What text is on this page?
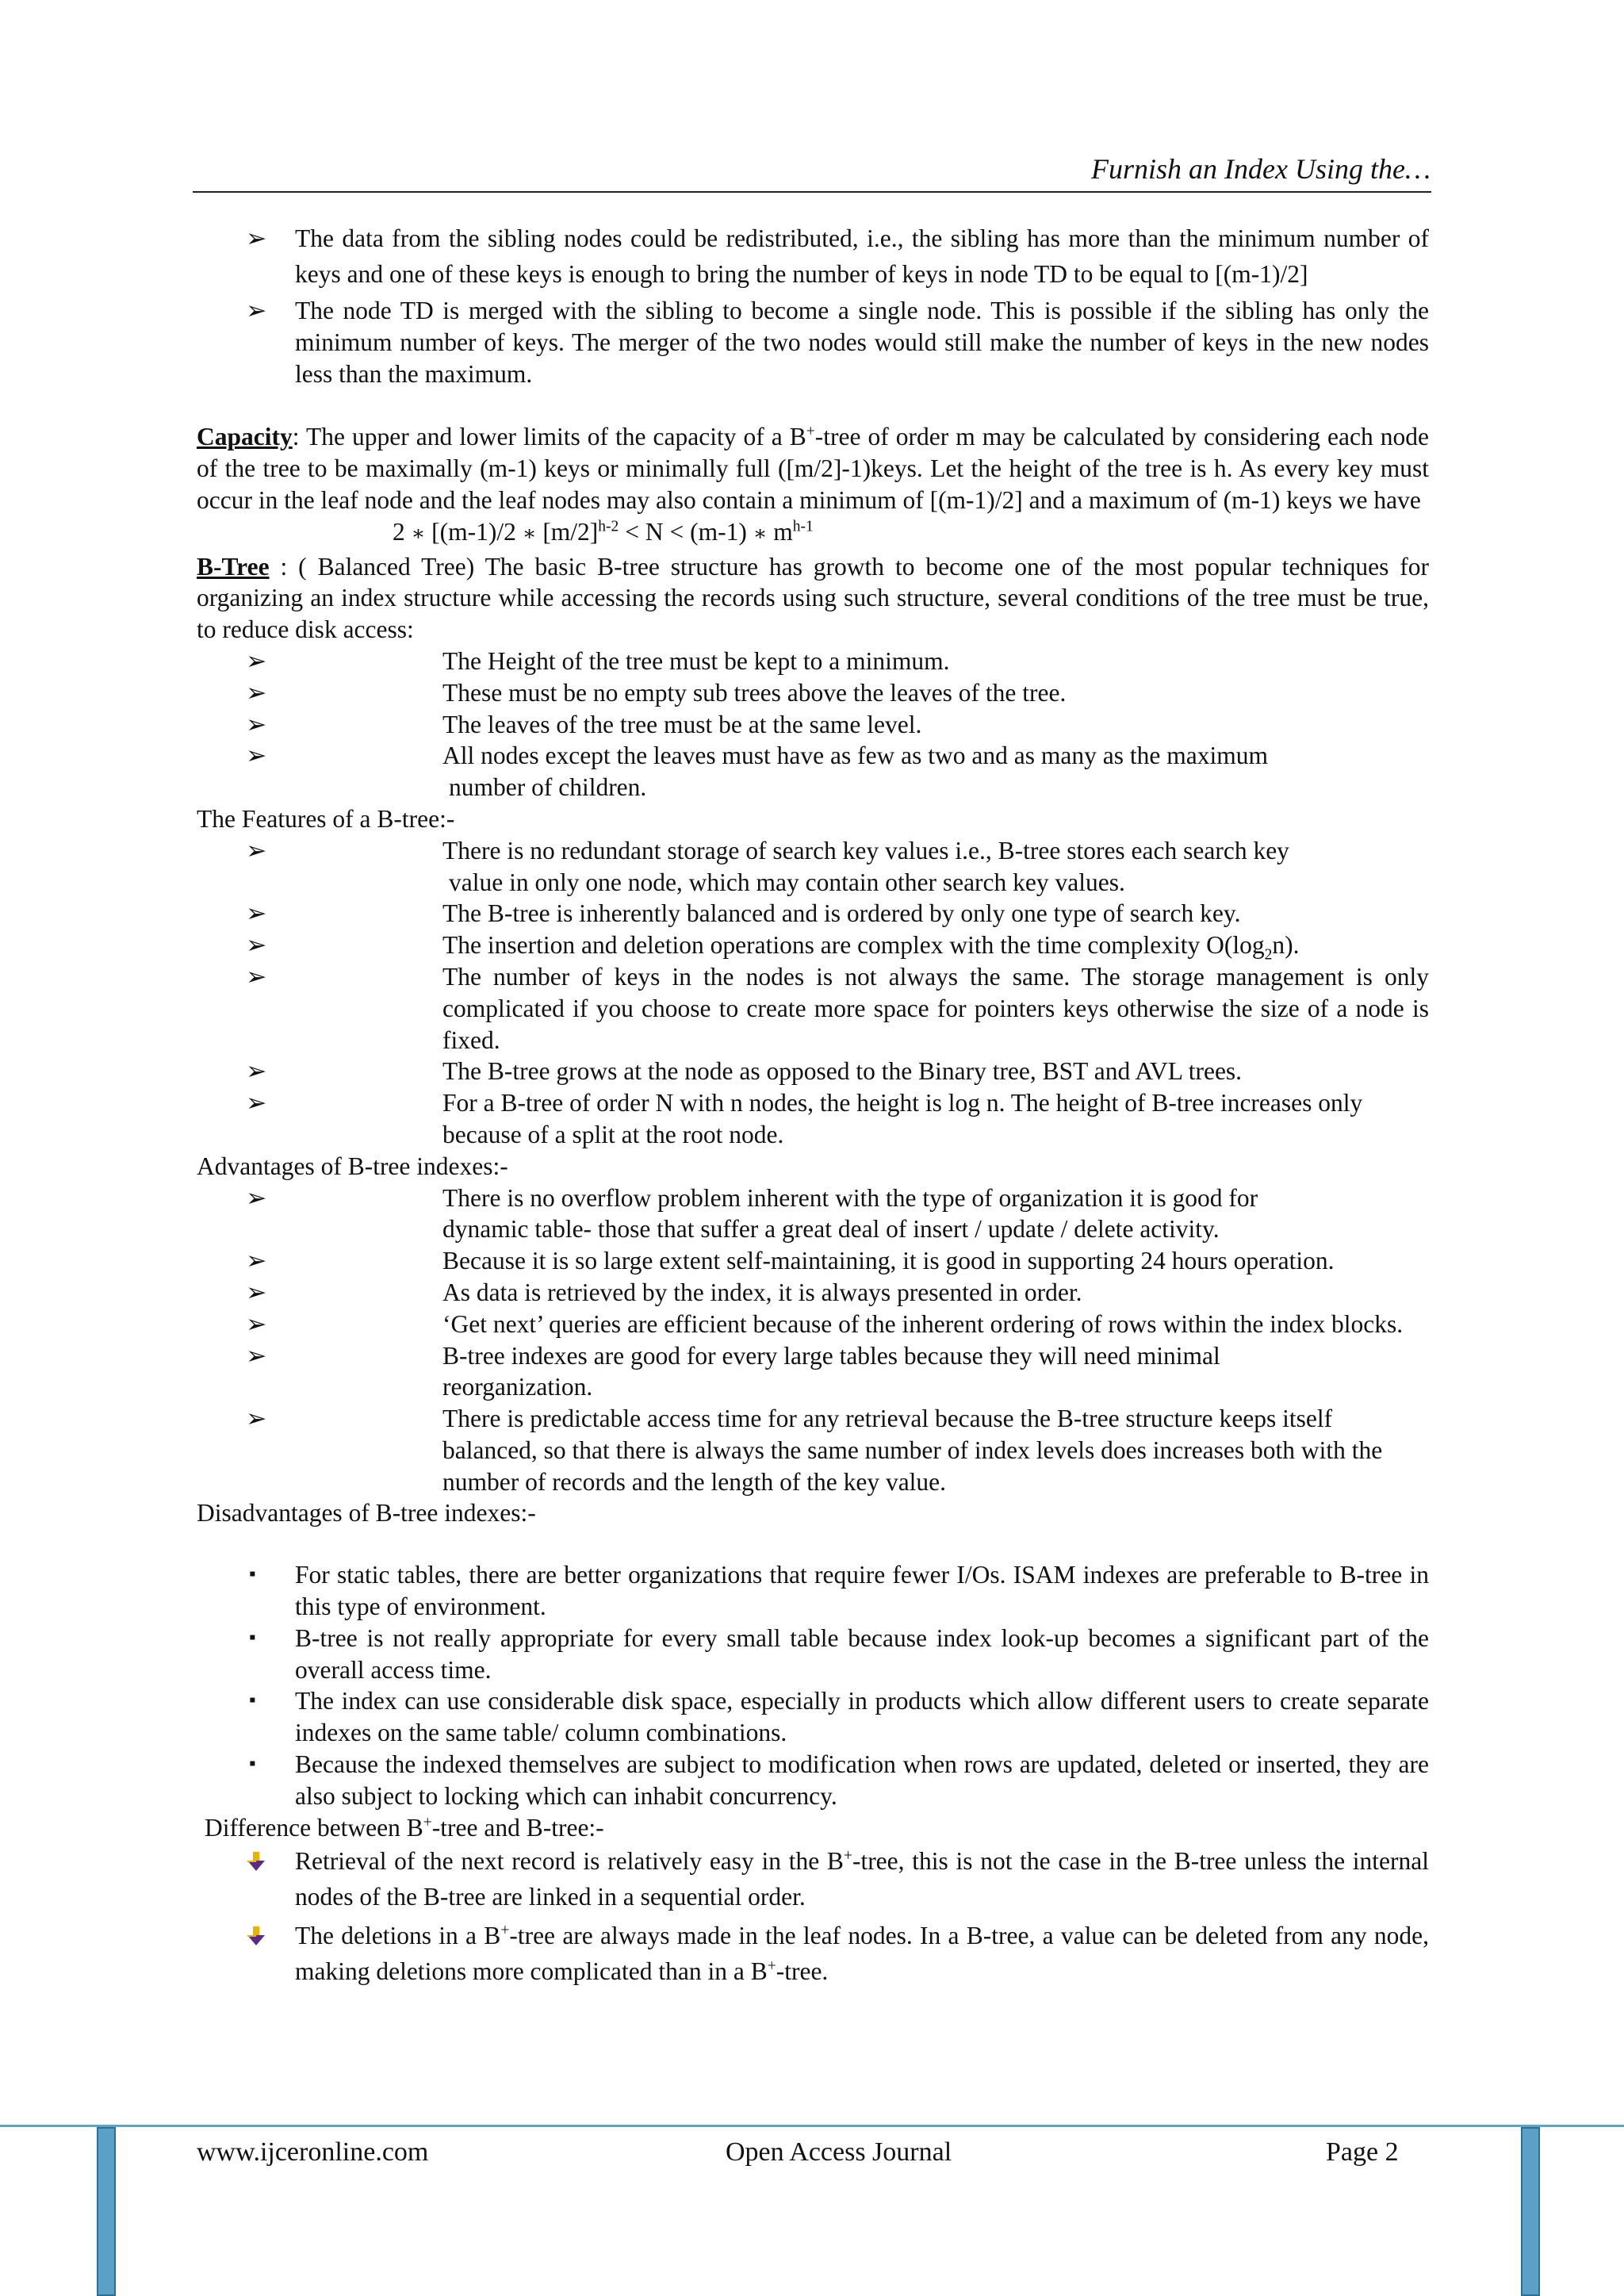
Furnish an Index Using the…
➢ The data from the sibling nodes could be redistributed, i.e., the sibling has more than the minimum number of keys and one of these keys is enough to bring the number of keys in node TD to be equal to [(m-1)/2]
➢ The node TD is merged with the sibling to become a single node. This is possible if the sibling has only the minimum number of keys. The merger of the two nodes would still make the number of keys in the new nodes less than the maximum.
Capacity: The upper and lower limits of the capacity of a B+-tree of order m may be calculated by considering each node of the tree to be maximally (m-1) keys or minimally full ([m/2]-1)keys. Let the height of the tree is h. As every key must occur in the leaf node and the leaf nodes may also contain a minimum of [(m-1)/2] and a maximum of (m-1) keys we have
2 ∗ [(m-1)/2 ∗ $[m/2]^{h-2} < N < (m-1)$ ∗ $m^{h-1}$
B-Tree : ( Balanced Tree) The basic B-tree structure has growth to become one of the most popular techniques for organizing an index structure while accessing the records using such structure, several conditions of the tree must be true, to reduce disk access:
➢	The Height of the tree must be kept to a minimum.
➢	These must be no empty sub trees above the leaves of the tree.
➢	The leaves of the tree must be at the same level.
➢	All nodes except the leaves must have as few as two and as many as the maximum
number of children.
The Features of a B-tree:-
➢	There is no redundant storage of search key values i.e., B-tree stores each search key
value in only one node, which may contain other search key values.
➢	The B-tree is inherently balanced and is ordered by only one type of search key.
➢	The insertion and deletion operations are complex with the time complexity $O(\log_2n)$.
➢	The number of keys in the nodes is not always the same. The storage management is only complicated if you choose to create more space for pointers keys otherwise the size of a node is fixed.
➢	The B-tree grows at the node as opposed to the Binary tree, BST and AVL trees.
➢	For a B-tree of order N with n nodes, the height is log n. The height of B-tree increases only because of a split at the root node.
Advantages of B-tree indexes:-
➢	There is no overflow problem inherent with the type of organization it is good for dynamic table- those that suffer a great deal of insert / update / delete activity.
➢	Because it is so large extent self-maintaining, it is good in supporting 24 hours operation.
➢	As data is retrieved by the index, it is always presented in order.
➢	‘Get next’ queries are efficient because of the inherent ordering of rows within the index blocks.
➢	B-tree indexes are good for every large tables because they will need minimal reorganization.
➢	There is predictable access time for any retrieval because the B-tree structure keeps itself balanced, so that there is always the same number of index levels does increases both with the number of records and the length of the key value.
Disadvantages of B-tree indexes:-
▪ For static tables, there are better organizations that require fewer I/Os. ISAM indexes are preferable to B-tree in this type of environment.
▪ B-tree is not really appropriate for every small table because index look-up becomes a significant part of the overall access time.
▪ The index can use considerable disk space, especially in products which allow different users to create separate indexes on the same table/ column combinations.
▪ Because the indexed themselves are subject to modification when rows are updated, deleted or inserted, they are also subject to locking which can inhabit concurrency.
Difference between B+-tree and B-tree:-
Retrieval of the next record is relatively easy in the B+-tree, this is not the case in the B-tree unless the internal nodes of the B-tree are linked in a sequential order.
The deletions in a B+-tree are always made in the leaf nodes. In a B-tree, a value can be deleted from any node, making deletions more complicated than in a B+-tree.
www.ijceronline.com	Open Access Journal	Page 2
